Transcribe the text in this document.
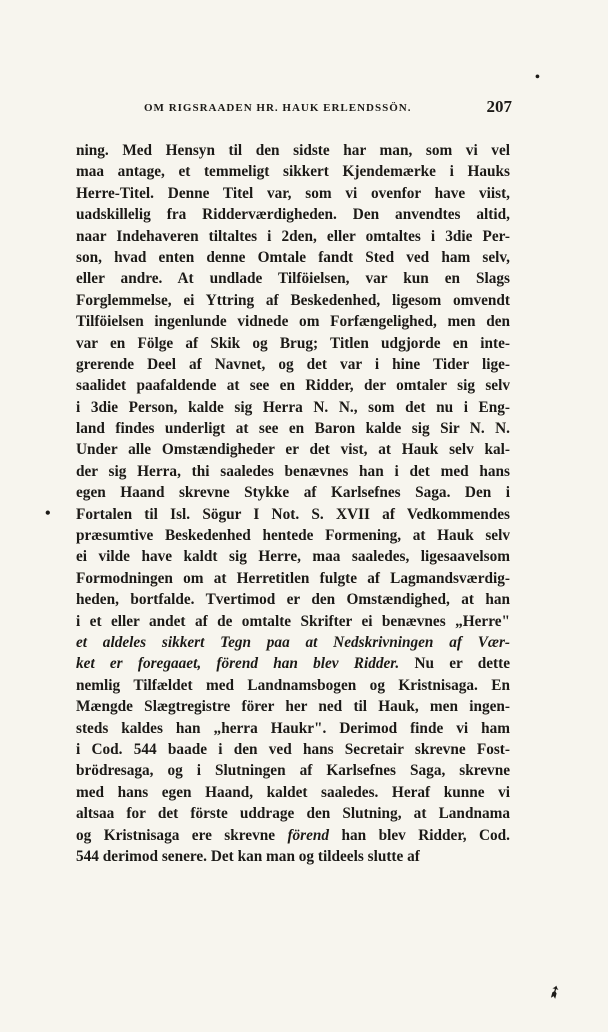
•
•
➶
OM RIGSRAADEN HR. HAUK ERLENDSSÖN.	207
ning. Med Hensyn til den sidste har man, som vi vel
maa antage, et temmeligt sikkert Kjendemærke i Hauks
Herre-Titel. Denne Titel var, som vi ovenfor have viist,
uadskillelig fra Ridderværdigheden. Den anvendtes altid,
naar Indehaveren tiltaltes i 2den, eller omtaltes i 3die Per-
son, hvad enten denne Omtale fandt Sted ved ham selv,
eller andre. At undlade Tilföielsen, var kun en Slags
Forglemmelse, ei Yttring af Beskedenhed, ligesom omvendt
Tilföielsen ingenlunde vidnede om Forfængelighed, men den
var en Fölge af Skik og Brug; Titlen udgjorde en inte-
grerende Deel af Navnet, og det var i hine Tider lige-
saalidet paafaldende at see en Ridder, der omtaler sig selv
i 3die Person, kalde sig Herra N. N., som det nu i Eng-
land findes underligt at see en Baron kalde sig Sir N. N.
Under alle Omstændigheder er det vist, at Hauk selv kal-
der sig Herra, thi saaledes benævnes han i det med hans
egen Haand skrevne Stykke af Karlsefnes Saga. Den i
Fortalen til Isl. Sögur I Not. S. XVII af Vedkommendes
præsumtive Beskedenhed hentede Formening, at Hauk selv
ei vilde have kaldt sig Herre, maa saaledes, ligesaavelsom
Formodningen om at Herretitlen fulgte af Lagmandsværdig-
heden, bortfalde. Tvertimod er den Omstændighed, at han
i et eller andet af de omtalte Skrifter ei benævnes „Herre"
et aldeles sikkert Tegn paa at Nedskrivningen af Vær-
ket er foregaaet, förend han blev Ridder. Nu er dette
nemlig Tilfældet med Landnamsbogen og Kristnisaga. En
Mængde Slægtregistre förer her ned til Hauk, men ingen-
steds kaldes han „herra Haukr". Derimod finde vi ham
i Cod. 544 baade i den ved hans Secretair skrevne Fost-
brödresaga, og i Slutningen af Karlsefnes Saga, skrevne
med hans egen Haand, kaldet saaledes. Heraf kunne vi
altsaa for det förste uddrage den Slutning, at Landnama
og Kristnisaga ere skrevne förend han blev Ridder, Cod.
544 derimod senere. Det kan man og tildeels slutte af
